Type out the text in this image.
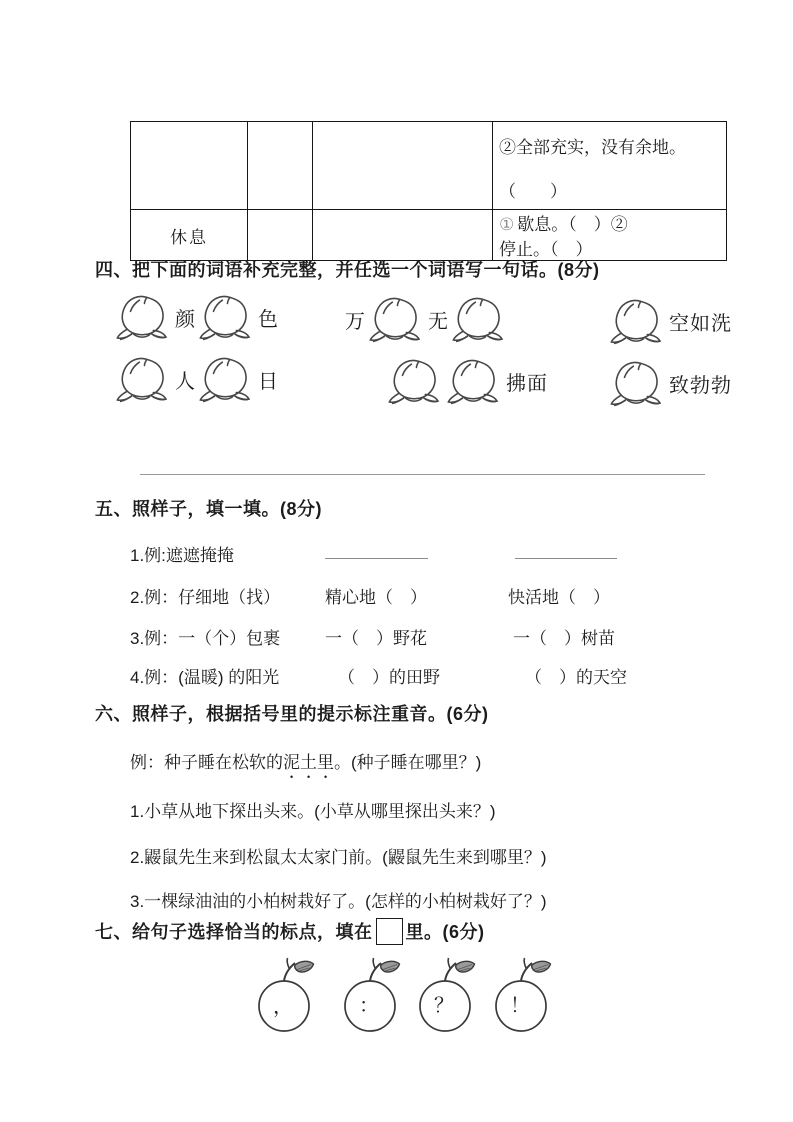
			②全部充实，没有余地。
（　　）

休息			① 歇息。（　）②停止。（　）
四、把下面的词语补充完整，并任选一个词语写一句话。(8分)
颜	色	万	无	空如洗
人	日	拂面	致勃勃
五、照样子，填一填。(8分)
1.例:遮遮掩掩
2.例：仔细地（找）	精心地（　）	快活地（　）
3.例：一（个）包裹	一（　）野花	一（　）树苗
4.例：(温暖) 的阳光	（　）的田野	（　）的天空
六、照样子，根据括号里的提示标注重音。(6分)
例：种子睡在松软的泥土里。(种子睡在哪里？)
1.小草从地下探出头来。(小草从哪里探出头来？)
2.鼹鼠先生来到松鼠太太家门前。(鼹鼠先生来到哪里？)
3.一棵绿油油的小柏树栽好了。(怎样的小柏树栽好了？)
七、给句子选择恰当的标点，填在 里。(6分)
，	：	？	！
